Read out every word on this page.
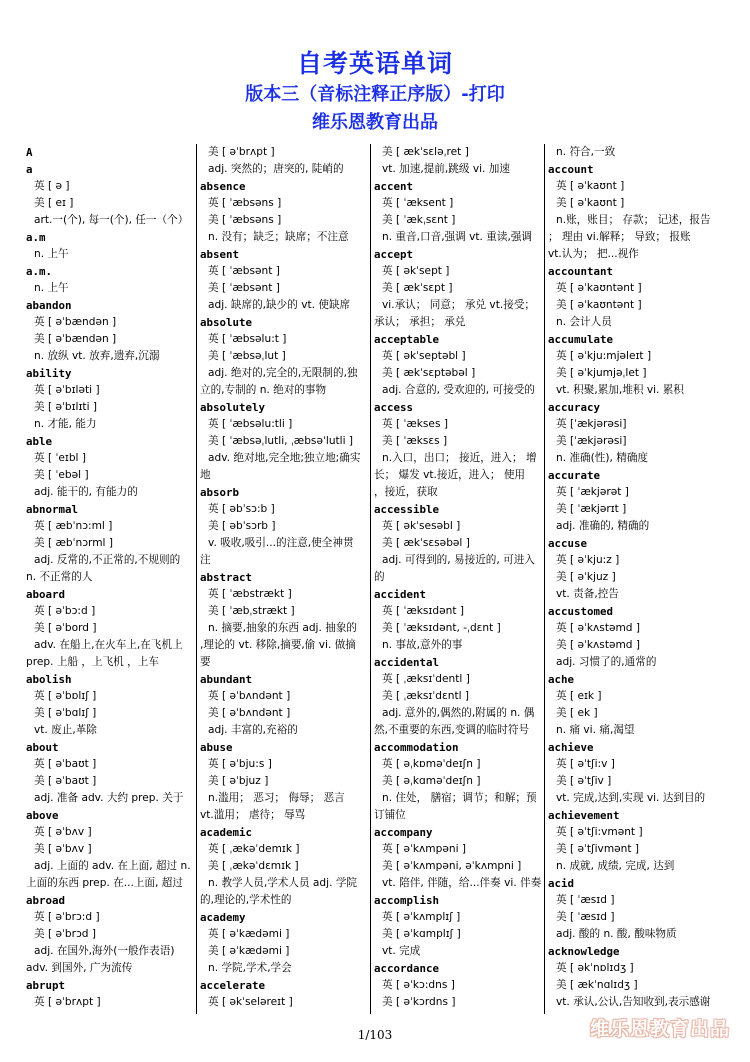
自考英语单词
版本三（音标注释正序版）-打印
维乐恩教育出品
A
a
英 [ ə ]
美 [ eɪ ]
art.一(个), 每一(个), 任一（个）
a.m
n. 上午
a.m.
n. 上午
abandon
英 [ əˈbændən ]
美 [ əˈbændən ]
n. 放纵 vt. 放弃,遗弃,沉溺
ability
英 [ əˈbɪləti ]
美 [ əˈbɪlɪti ]
n. 才能, 能力
able
英 [ ˈeɪbl ]
美 [ ˈebəl ]
adj. 能干的, 有能力的
abnormal
英 [ æbˈnɔ:ml ]
美 [ æbˈnɔrml ]
adj. 反常的,不正常的,不规则的
n. 不正常的人
aboard
英 [ əˈbɔ:d ]
美 [ əˈbord ]
adv. 在船上,在火车上,在飞机上
prep. 上船 ，上飞机 ，上车
abolish
英 [ əˈbɒlɪʃ ]
美 [ əˈbɑlɪʃ ]
vt. 废止,革除
about
英 [ əˈbaʊt ]
美 [ əˈbaʊt ]
adj. 准备 adv. 大约 prep. 关于
above
英 [ əˈbʌv ]
美 [ əˈbʌv ]
adj. 上面的 adv. 在上面, 超过 n.
上面的东西 prep. 在...上面, 超过
abroad
英 [ əˈbrɔ:d ]
美 [ əˈbrɔd ]
adj. 在国外,海外(一般作表语)
adv. 到国外, 广为流传
abrupt
英 [ əˈbrʌpt ]
美 [ əˈbrʌpt ]
adj. 突然的；唐突的, 陡峭的
absence
英 [ ˈæbsəns ]
美 [ ˈæbsəns ]
n. 没有；缺乏；缺席；不注意
absent
英 [ ˈæbsənt ]
美 [ ˈæbsənt ]
adj. 缺席的,缺少的 vt. 使缺席
absolute
英 [ ˈæbsəlu:t ]
美 [ ˈæbsəˌlut ]
adj. 绝对的,完全的,无限制的,独
立的,专制的 n. 绝对的事物
absolutely
英 [ ˈæbsəlu:tli ]
美 [ ˈæbsəˌlutli, ˌæbsəˈlutli ]
adv. 绝对地,完全地;独立地;确实
地
absorb
英 [ əbˈsɔ:b ]
美 [ əbˈsɔrb ]
v. 吸收,吸引...的注意,使全神贯
注
abstract
英 [ ˈæbstrækt ]
美 [ ˈæbˌstrækt ]
n. 摘要,抽象的东西 adj. 抽象的
,理论的 vt. 移除,摘要,偷 vi. 做摘
要
abundant
英 [ əˈbʌndənt ]
美 [ əˈbʌndənt ]
adj. 丰富的,充裕的
abuse
英 [ əˈbju:s ]
美 [ əˈbjuz ]
n.滥用； 恶习； 侮辱； 恶言
vt.滥用； 虐待； 辱骂
academic
英 [ ˌækəˈdemɪk ]
美 [ ˌækəˈdɛmɪk ]
n. 教学人员,学术人员 adj. 学院
的,理论的,学术性的
academy
英 [ əˈkædəmi ]
美 [ əˈkædəmi ]
n. 学院,学术,学会
accelerate
英 [ əkˈseləreɪt ]
美 [ ækˈsɛləˌret ]
vt. 加速,提前,跳级 vi. 加速
accent
英 [ ˈæksent ]
美 [ ˈækˌsɛnt ]
n. 重音,口音,强调 vt. 重读,强调
accept
英 [ əkˈsept ]
美 [ ækˈsɛpt ]
vi.承认； 同意； 承兑 vt.接受；
承认； 承担； 承兑
acceptable
英 [ əkˈseptəbl ]
美 [ ækˈsɛptəbəl ]
adj. 合意的, 受欢迎的, 可接受的
access
英 [ ˈækses ]
美 [ ˈæksɛs ]
n.入口，出口； 接近，进入； 增
长； 爆发 vt.接近，进入； 使用
，接近，获取
accessible
英 [ əkˈsesəbl ]
美 [ ækˈsɛsəbəl ]
adj. 可得到的, 易接近的, 可进入
的
accident
英 [ ˈæksɪdənt ]
美 [ ˈæksɪdənt, -ˌdɛnt ]
n. 事故,意外的事
accidental
英 [ ˌæksɪˈdentl ]
美 [ ˌæksɪˈdɛntl ]
adj. 意外的,偶然的,附属的 n. 偶
然,不重要的东西,变调的临时符号
accommodation
英 [ əˌkɒməˈdeɪʃn ]
美 [ əˌkɑməˈdeɪʃn ]
n. 住处， 膳宿；调节；和解；预
订铺位
accompany
英 [ əˈkʌmpəni ]
美 [ əˈkʌmpəni, əˈkʌmpni ]
vt. 陪伴, 伴随，给...伴奏 vi. 伴奏
accomplish
英 [ əˈkʌmplɪʃ ]
美 [ əˈkɑmplɪʃ ]
vt. 完成
accordance
英 [ əˈkɔ:dns ]
美 [ əˈkɔrdns ]
n. 符合,一致
account
英 [ əˈkaʊnt ]
美 [ əˈkaʊnt ]
n.账，账目； 存款； 记述，报告
； 理由 vi.解释； 导致； 报账
vt.认为； 把...视作
accountant
英 [ əˈkaʊntənt ]
美 [ əˈkaʊntənt ]
n. 会计人员
accumulate
英 [ əˈkju:mjəleɪt ]
美 [ əˈkjumjəˌlet ]
vt. 积聚,累加,堆积 vi. 累积
accuracy
英 [ˈækjərəsi]
美 [ˈækjərəsi]
n. 准确(性), 精确度
accurate
英 [ ˈækjərət ]
美 [ ˈækjərɪt ]
adj. 准确的, 精确的
accuse
英 [ əˈkju:z ]
美 [ əˈkjuz ]
vt. 责备,控告
accustomed
英 [ əˈkʌstəmd ]
美 [ əˈkʌstəmd ]
adj. 习惯了的,通常的
ache
英 [ eɪk ]
美 [ ek ]
n. 痛 vi. 痛,渴望
achieve
英 [ əˈtʃi:v ]
美 [ əˈtʃiv ]
vt. 完成,达到,实现 vi. 达到目的
achievement
英 [ əˈtʃi:vmənt ]
美 [ əˈtʃivmənt ]
n. 成就, 成绩, 完成, 达到
acid
英 [ ˈæsɪd ]
美 [ ˈæsɪd ]
adj. 酸的 n. 酸, 酸味物质
acknowledge
英 [ əkˈnɒlɪdʒ ]
美 [ ækˈnɑlɪdʒ ]
vt. 承认,公认,告知收到,表示感谢
1/103	维乐恩教育出品
